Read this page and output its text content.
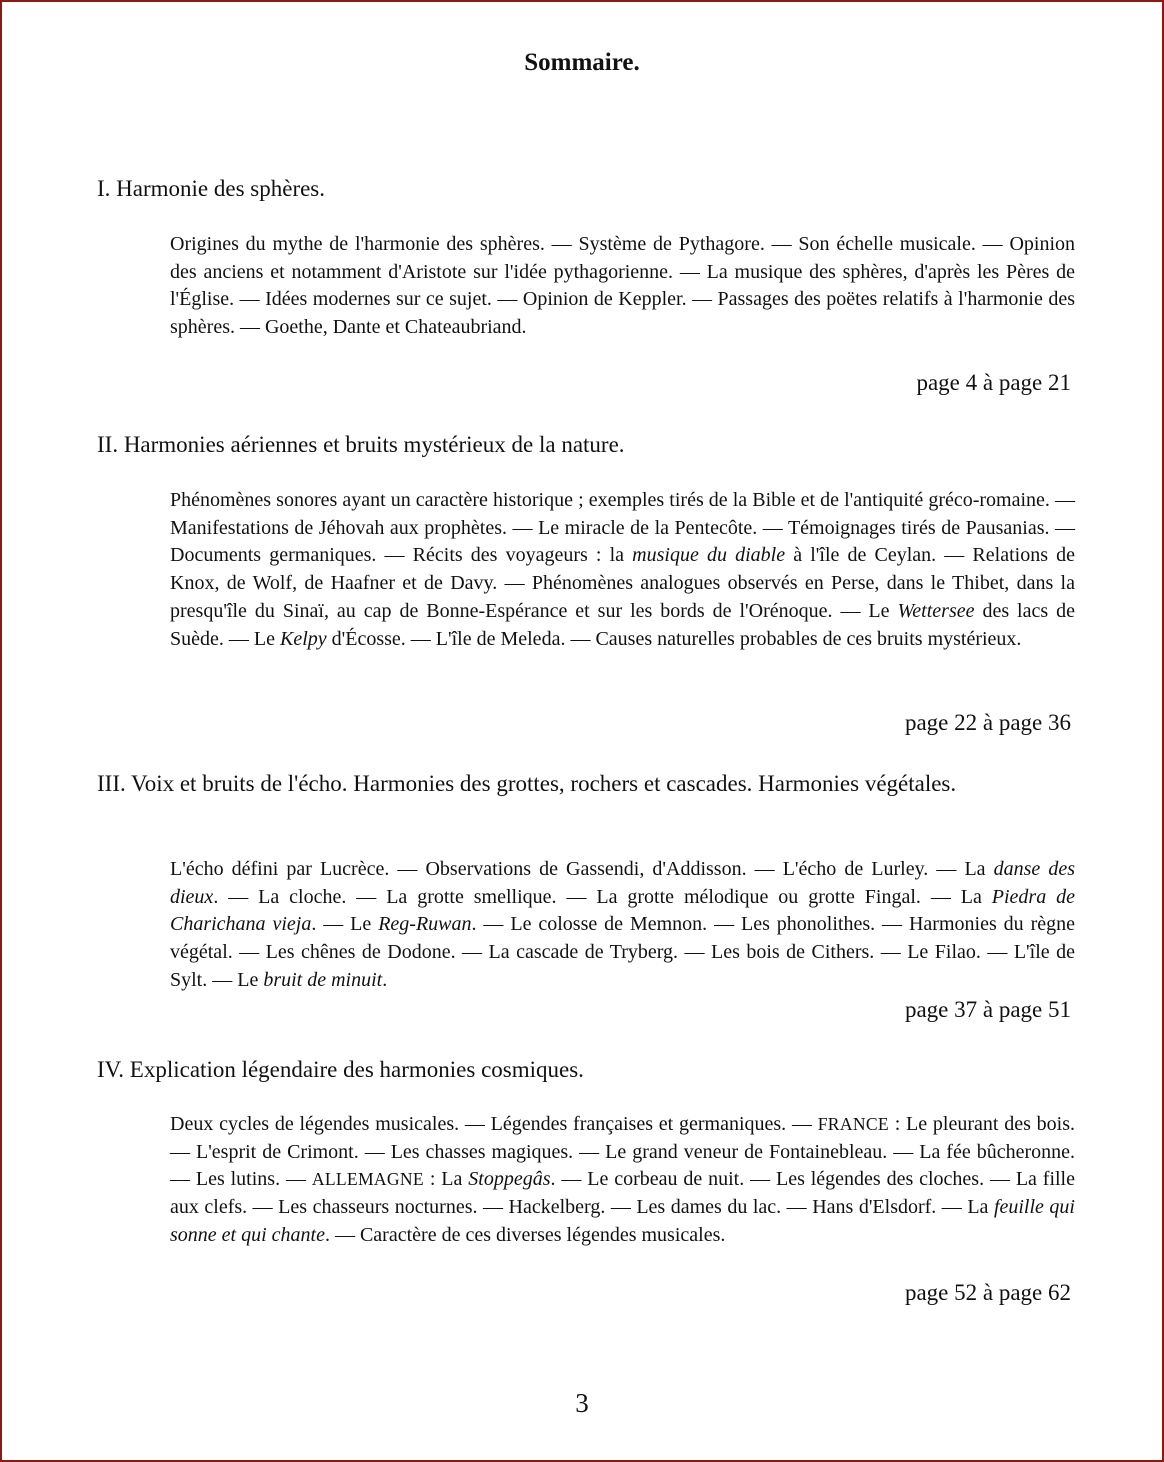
Sommaire.
I. Harmonie des sphères.

Origines du mythe de l'harmonie des sphères. — Système de Pythagore. — Son échelle musicale. — Opinion des anciens et notamment d'Aristote sur l'idée pythagorienne. — La musique des sphères, d'après les Pères de l'Église. — Idées modernes sur ce sujet. — Opinion de Keppler. — Passages des poëtes relatifs à l'harmonie des sphères. — Goethe, Dante et Chateaubriand.

page 4 à page 21
II. Harmonies aériennes et bruits mystérieux de la nature.

Phénomènes sonores ayant un caractère historique ; exemples tirés de la Bible et de l'antiquité gréco-romaine. — Manifestations de Jéhovah aux prophètes. — Le miracle de la Pentecôte. — Témoignages tirés de Pausanias. — Documents germaniques. — Récits des voyageurs : la musique du diable à l'île de Ceylan. — Relations de Knox, de Wolf, de Haafner et de Davy. — Phénomènes analogues observés en Perse, dans le Thibet, dans la presqu'île du Sinaï, au cap de Bonne-Espérance et sur les bords de l'Orénoque. — Le Wettersee des lacs de Suède. — Le Kelpy d'Écosse. — L'île de Meleda. — Causes naturelles probables de ces bruits mystérieux.

page 22 à page 36
III. Voix et bruits de l'écho. Harmonies des grottes, rochers et cascades. Harmonies végétales.

L'écho défini par Lucrèce. — Observations de Gassendi, d'Addisson. — L'écho de Lurley. — La danse des dieux. — La cloche. — La grotte smellique. — La grotte mélodique ou grotte Fingal. — La Piedra de Charichana vieja. — Le Reg-Ruwan. — Le colosse de Memnon. — Les phonolithes. — Harmonies du règne végétal. — Les chênes de Dodone. — La cascade de Tryberg. — Les bois de Cithers. — Le Filao. — L'île de Sylt. — Le bruit de minuit.

page 37 à page 51
IV. Explication légendaire des harmonies cosmiques.

Deux cycles de légendes musicales. — Légendes françaises et germaniques. — FRANCE : Le pleurant des bois. — L'esprit de Crimont. — Les chasses magiques. — Le grand veneur de Fontainebleau. — La fée bûcheronne. — Les lutins. — ALLEMAGNE : La Stoppegâs. — Le corbeau de nuit. — Les légendes des cloches. — La fille aux clefs. — Les chasseurs nocturnes. — Hackelberg. — Les dames du lac. — Hans d'Elsdorf. — La feuille qui sonne et qui chante. — Caractère de ces diverses légendes musicales.

page 52 à page 62
3
